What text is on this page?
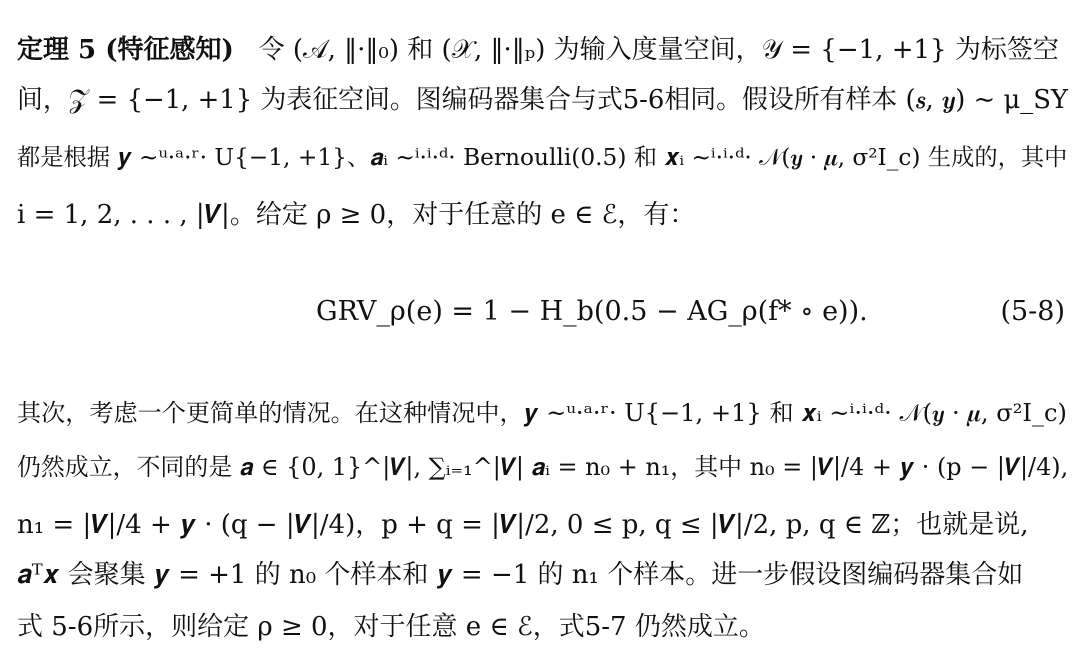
定理 5 (特征感知) 令 (𝒜, ‖·‖₀) 和 (𝒳, ‖·‖ₚ) 为输入度量空间，𝒴 = {−1, +1} 为标签空
间，𝒵 = {−1, +1} 为表征空间。图编码器集合与式5-6相同。假设所有样本 (𝒔, 𝒚) ∼ μ_SY
都是根据 𝒚 ~ᵘ·ᵃ·ʳ· U{−1, +1}、𝒂ᵢ ~ⁱ·ⁱ·ᵈ· Bernoulli(0.5) 和 𝒙ᵢ ~ⁱ·ⁱ·ᵈ· 𝒩(𝒚 · 𝝁, σ²I_c) 生成的，其中
i = 1, 2, . . . , |𝑽|。给定 ρ ≥ 0，对于任意的 e ∈ ℰ，有：
GRV_ρ(e) = 1 − H_b(0.5 − AG_ρ(f* ∘ e)).	(5-8)
其次，考虑一个更简单的情况。在这种情况中，𝒚 ~ᵘ·ᵃ·ʳ· U{−1, +1} 和 𝒙ᵢ ~ⁱ·ⁱ·ᵈ· 𝒩(𝒚 · 𝝁, σ²I_c)
仍然成立，不同的是 𝒂 ∈ {0, 1}^|𝑽|, ∑ᵢ₌₁^|𝑽| 𝒂ᵢ = n₀ + n₁，其中 n₀ = |𝑽|/4 + 𝒚 · (p − |𝑽|/4),
n₁ = |𝑽|/4 + 𝒚 · (q − |𝑽|/4)，p + q = |𝑽|/2, 0 ≤ p, q ≤ |𝑽|/2, p, q ∈ ℤ；也就是说,
𝒂ᵀ𝒙 会聚集 𝒚 = +1 的 n₀ 个样本和 𝒚 = −1 的 n₁ 个样本。进一步假设图编码器集合如
式 5-6所示，则给定 ρ ≥ 0，对于任意 e ∈ ℰ，式5-7 仍然成立。
